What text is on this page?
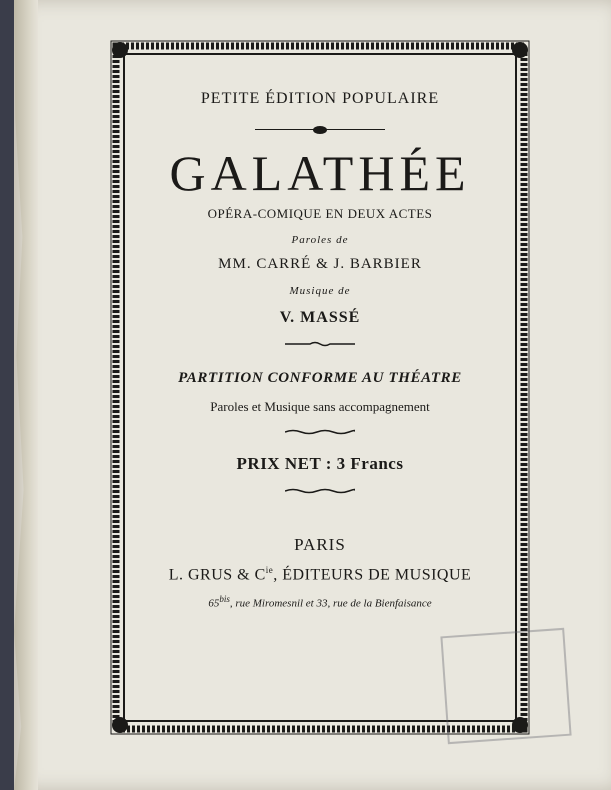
PETITE ÉDITION POPULAIRE
GALATHÉE
OPÉRA-COMIQUE EN DEUX ACTES
Paroles de
MM. CARRÉ & J. BARBIER
Musique de
V. MASSÉ
PARTITION CONFORME AU THÉATRE
Paroles et Musique sans accompagnement
PRIX NET : 3 Francs
PARIS
L. GRUS & $C^{ie}$, ÉDITEURS DE MUSIQUE
$65^{bis}$, rue Miromesnil et 33, rue de la Bienfaisance
